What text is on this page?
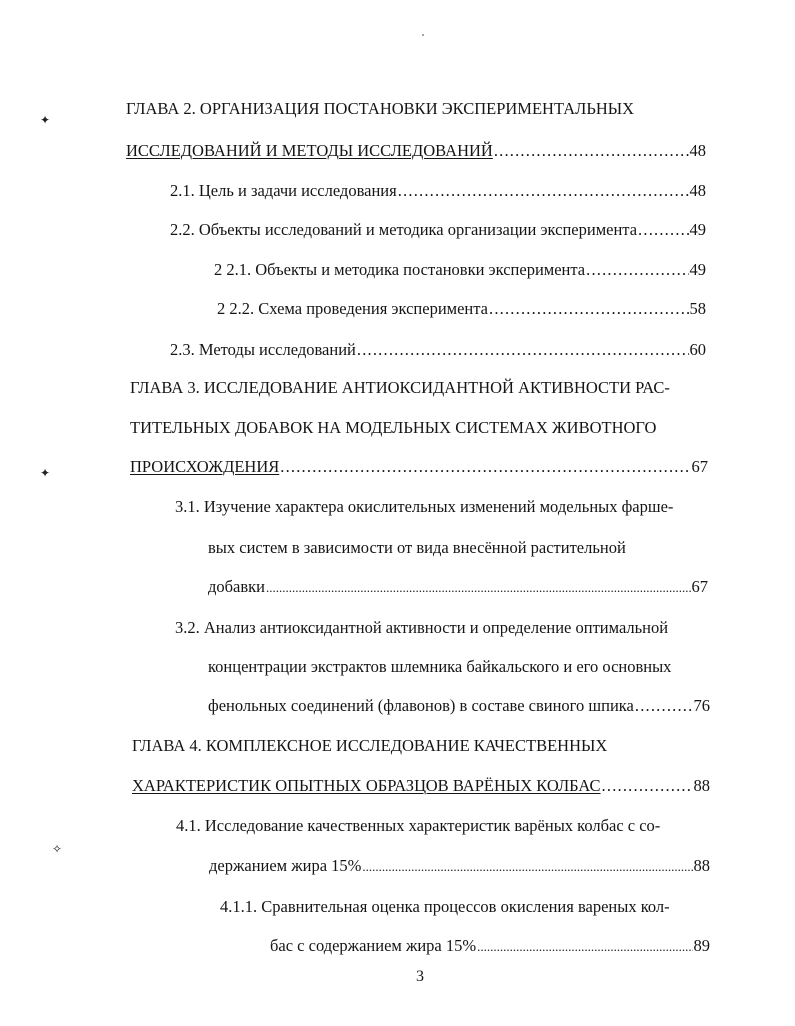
✦
✦
✧
ГЛАВА 2. ОРГАНИЗАЦИЯ ПОСТАНОВКИ ЭКСПЕРИМЕНТАЛЬНЫХ
ИССЛЕДОВАНИЙ И МЕТОДЫ ИССЛЕДОВАНИЙ .....	48
2.1. Цель и задачи исследования .....	48
2.2. Объекты исследований и методика организации эксперимента .....	49
2 2.1. Объекты и методика постановки эксперимента .....	49
2 2.2. Схема проведения эксперимента .....	58
2.3. Методы исследований .....	60
ГЛАВА 3. ИССЛЕДОВАНИЕ АНТИОКСИДАНТНОЙ АКТИВНОСТИ РАС-
ТИТЕЛЬНЫХ ДОБАВОК НА МОДЕЛЬНЫХ СИСТЕМАХ ЖИВОТНОГО
ПРОИСХОЖДЕНИЯ .....	67
3.1. Изучение характера окислительных изменений модельных фарше-
вых систем в зависимости от вида внесённой растительной
добавки .....	67
3.2. Анализ антиоксидантной активности и определение оптимальной
концентрации экстрактов шлемника байкальского и его основных
фенольных соединений (флавонов) в составе свиного шпика .....	76
ГЛАВА 4. КОМПЛЕКСНОЕ ИССЛЕДОВАНИЕ КАЧЕСТВЕННЫХ
ХАРАКТЕРИСТИК ОПЫТНЫХ ОБРАЗЦОВ ВАРЁНЫХ КОЛБАС .....	88
4.1. Исследование качественных характеристик варёных колбас с со-
держанием жира 15% .....	88
4.1.1. Сравнительная оценка процессов окисления вареных кол-
бас с содержанием жира 15% .....	89
3
